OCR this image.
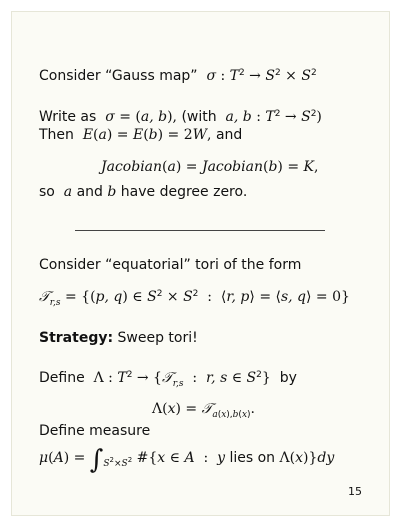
Consider “Gauss map”  σ : $T^2 \to S^2 \times S^2$
Write as  σ = (a, b), (with  a, b : $T^2 \to S^2$)
Then  E(a) = E(b) = 2W, and
Jacobian(a) = Jacobian(b) = K,
so  a and b have degree zero.
Consider “equatorial” tori of the form
𝒯$_{r,s}$ = {(p, q) ∈ $S^2 \times S^2$  :  ⟨r, p⟩ = ⟨s, q⟩ = 0}
Strategy: Sweep tori!
Define  Λ : $T^2$ → {𝒯$_{r,s}$  :  r, s ∈ $S^2$}  by
Λ(x) = 𝒯$_{a(x),b(x)}$.
Define measure
$\mu(A) = \int_{S^2\times S^2}$ #{x ∈ A  :  y lies on Λ(x)}dy
15
